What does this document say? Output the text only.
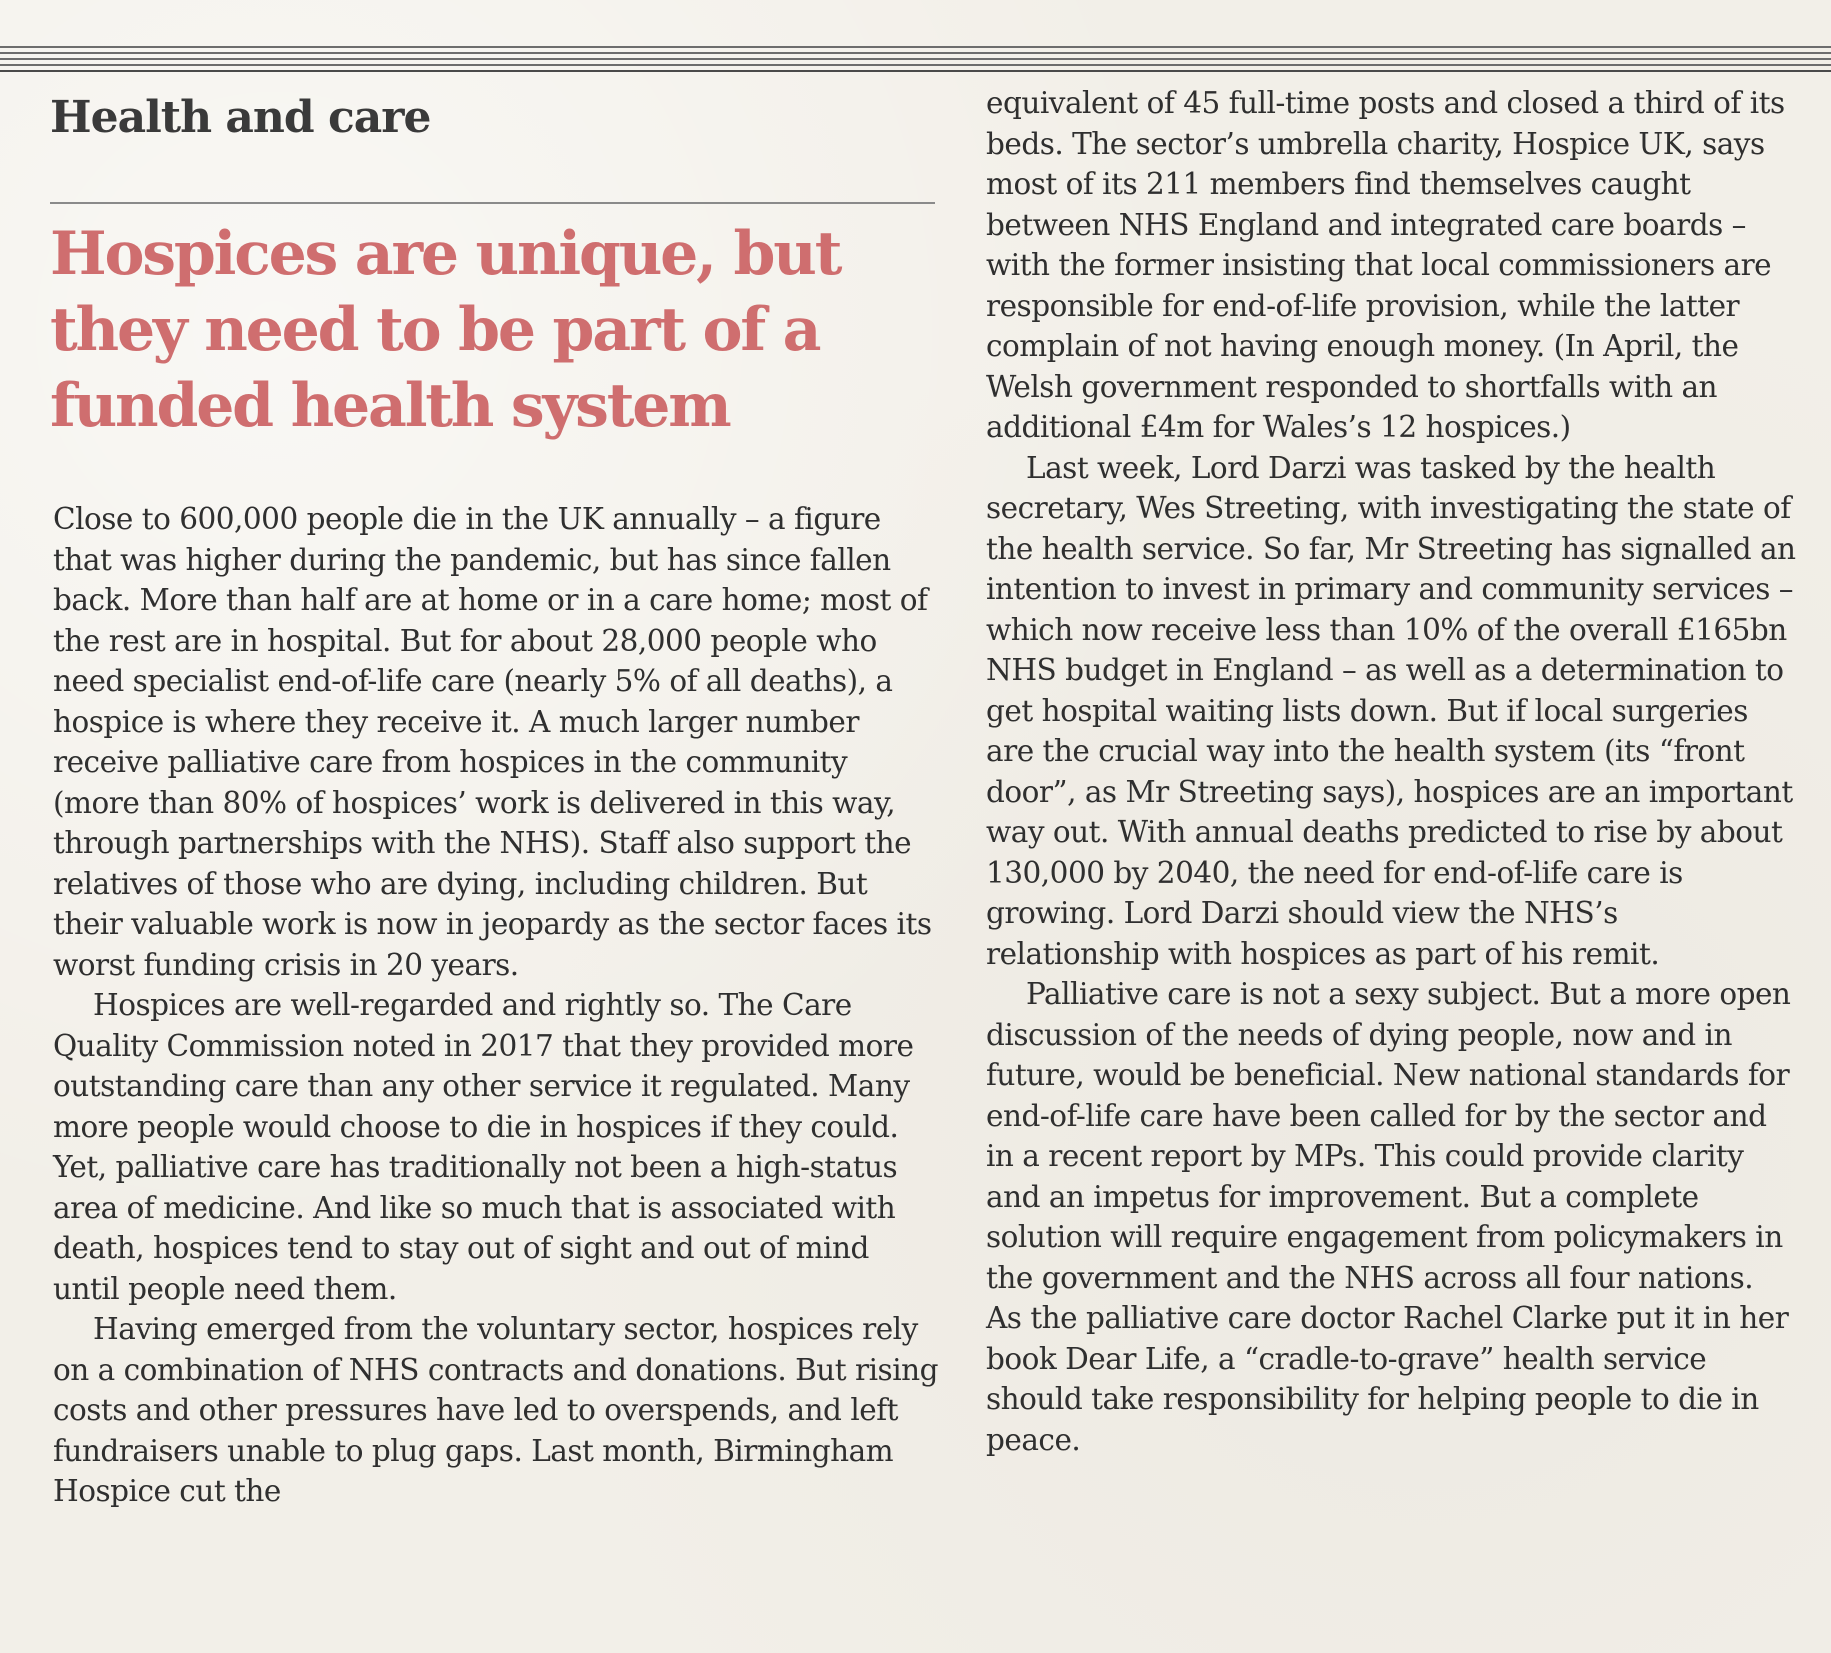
Health and care
Hospices are unique, but they need to be part of a funded health system

Close to 600,000 people die in the UK annually – a figure that was higher during the pandemic, but has since fallen back. More than half are at home or in a care home; most of the rest are in hospital. But for about 28,000 people who need specialist end-of-life care (nearly 5% of all deaths), a hospice is where they receive it. A much larger number receive palliative care from hospices in the community (more than 80% of hospices’ work is delivered in this way, through partnerships with the NHS). Staff also support the relatives of those who are dying, including children. But their valuable work is now in jeopardy as the sector faces its worst funding crisis in 20 years.

Hospices are well-regarded and rightly so. The Care Quality Commission noted in 2017 that they provided more outstanding care than any other service it regulated. Many more people would choose to die in hospices if they could. Yet, palliative care has traditionally not been a high-status area of medicine. And like so much that is associated with death, hospices tend to stay out of sight and out of mind until people need them.

Having emerged from the voluntary sector, hospices rely on a combination of NHS contracts and donations. But rising costs and other pressures have led to overspends, and left fundraisers unable to plug gaps. Last month, Birmingham Hospice cut the

equivalent of 45 full-time posts and closed a third of its beds. The sector’s umbrella charity, Hospice UK, says most of its 211 members find themselves caught between NHS England and integrated care boards – with the former insisting that local commissioners are responsible for end-of-life provision, while the latter complain of not having enough money. (In April, the Welsh government responded to shortfalls with an additional £4m for Wales’s 12 hospices.)

Last week, Lord Darzi was tasked by the health secretary, Wes Streeting, with investigating the state of the health service. So far, Mr Streeting has signalled an intention to invest in primary and community services – which now receive less than 10% of the overall £165bn NHS budget in England – as well as a determination to get hospital waiting lists down. But if local surgeries are the crucial way into the health system (its “front door”, as Mr Streeting says), hospices are an important way out. With annual deaths predicted to rise by about 130,000 by 2040, the need for end-of-life care is growing. Lord Darzi should view the NHS’s relationship with hospices as part of his remit.

Palliative care is not a sexy subject. But a more open discussion of the needs of dying people, now and in future, would be beneficial. New national standards for end-of-life care have been called for by the sector and in a recent report by MPs. This could provide clarity and an impetus for improvement. But a complete solution will require engagement from policymakers in the government and the NHS across all four nations. As the palliative care doctor Rachel Clarke put it in her book Dear Life, a “cradle-to-grave” health service should take responsibility for helping people to die in peace.
